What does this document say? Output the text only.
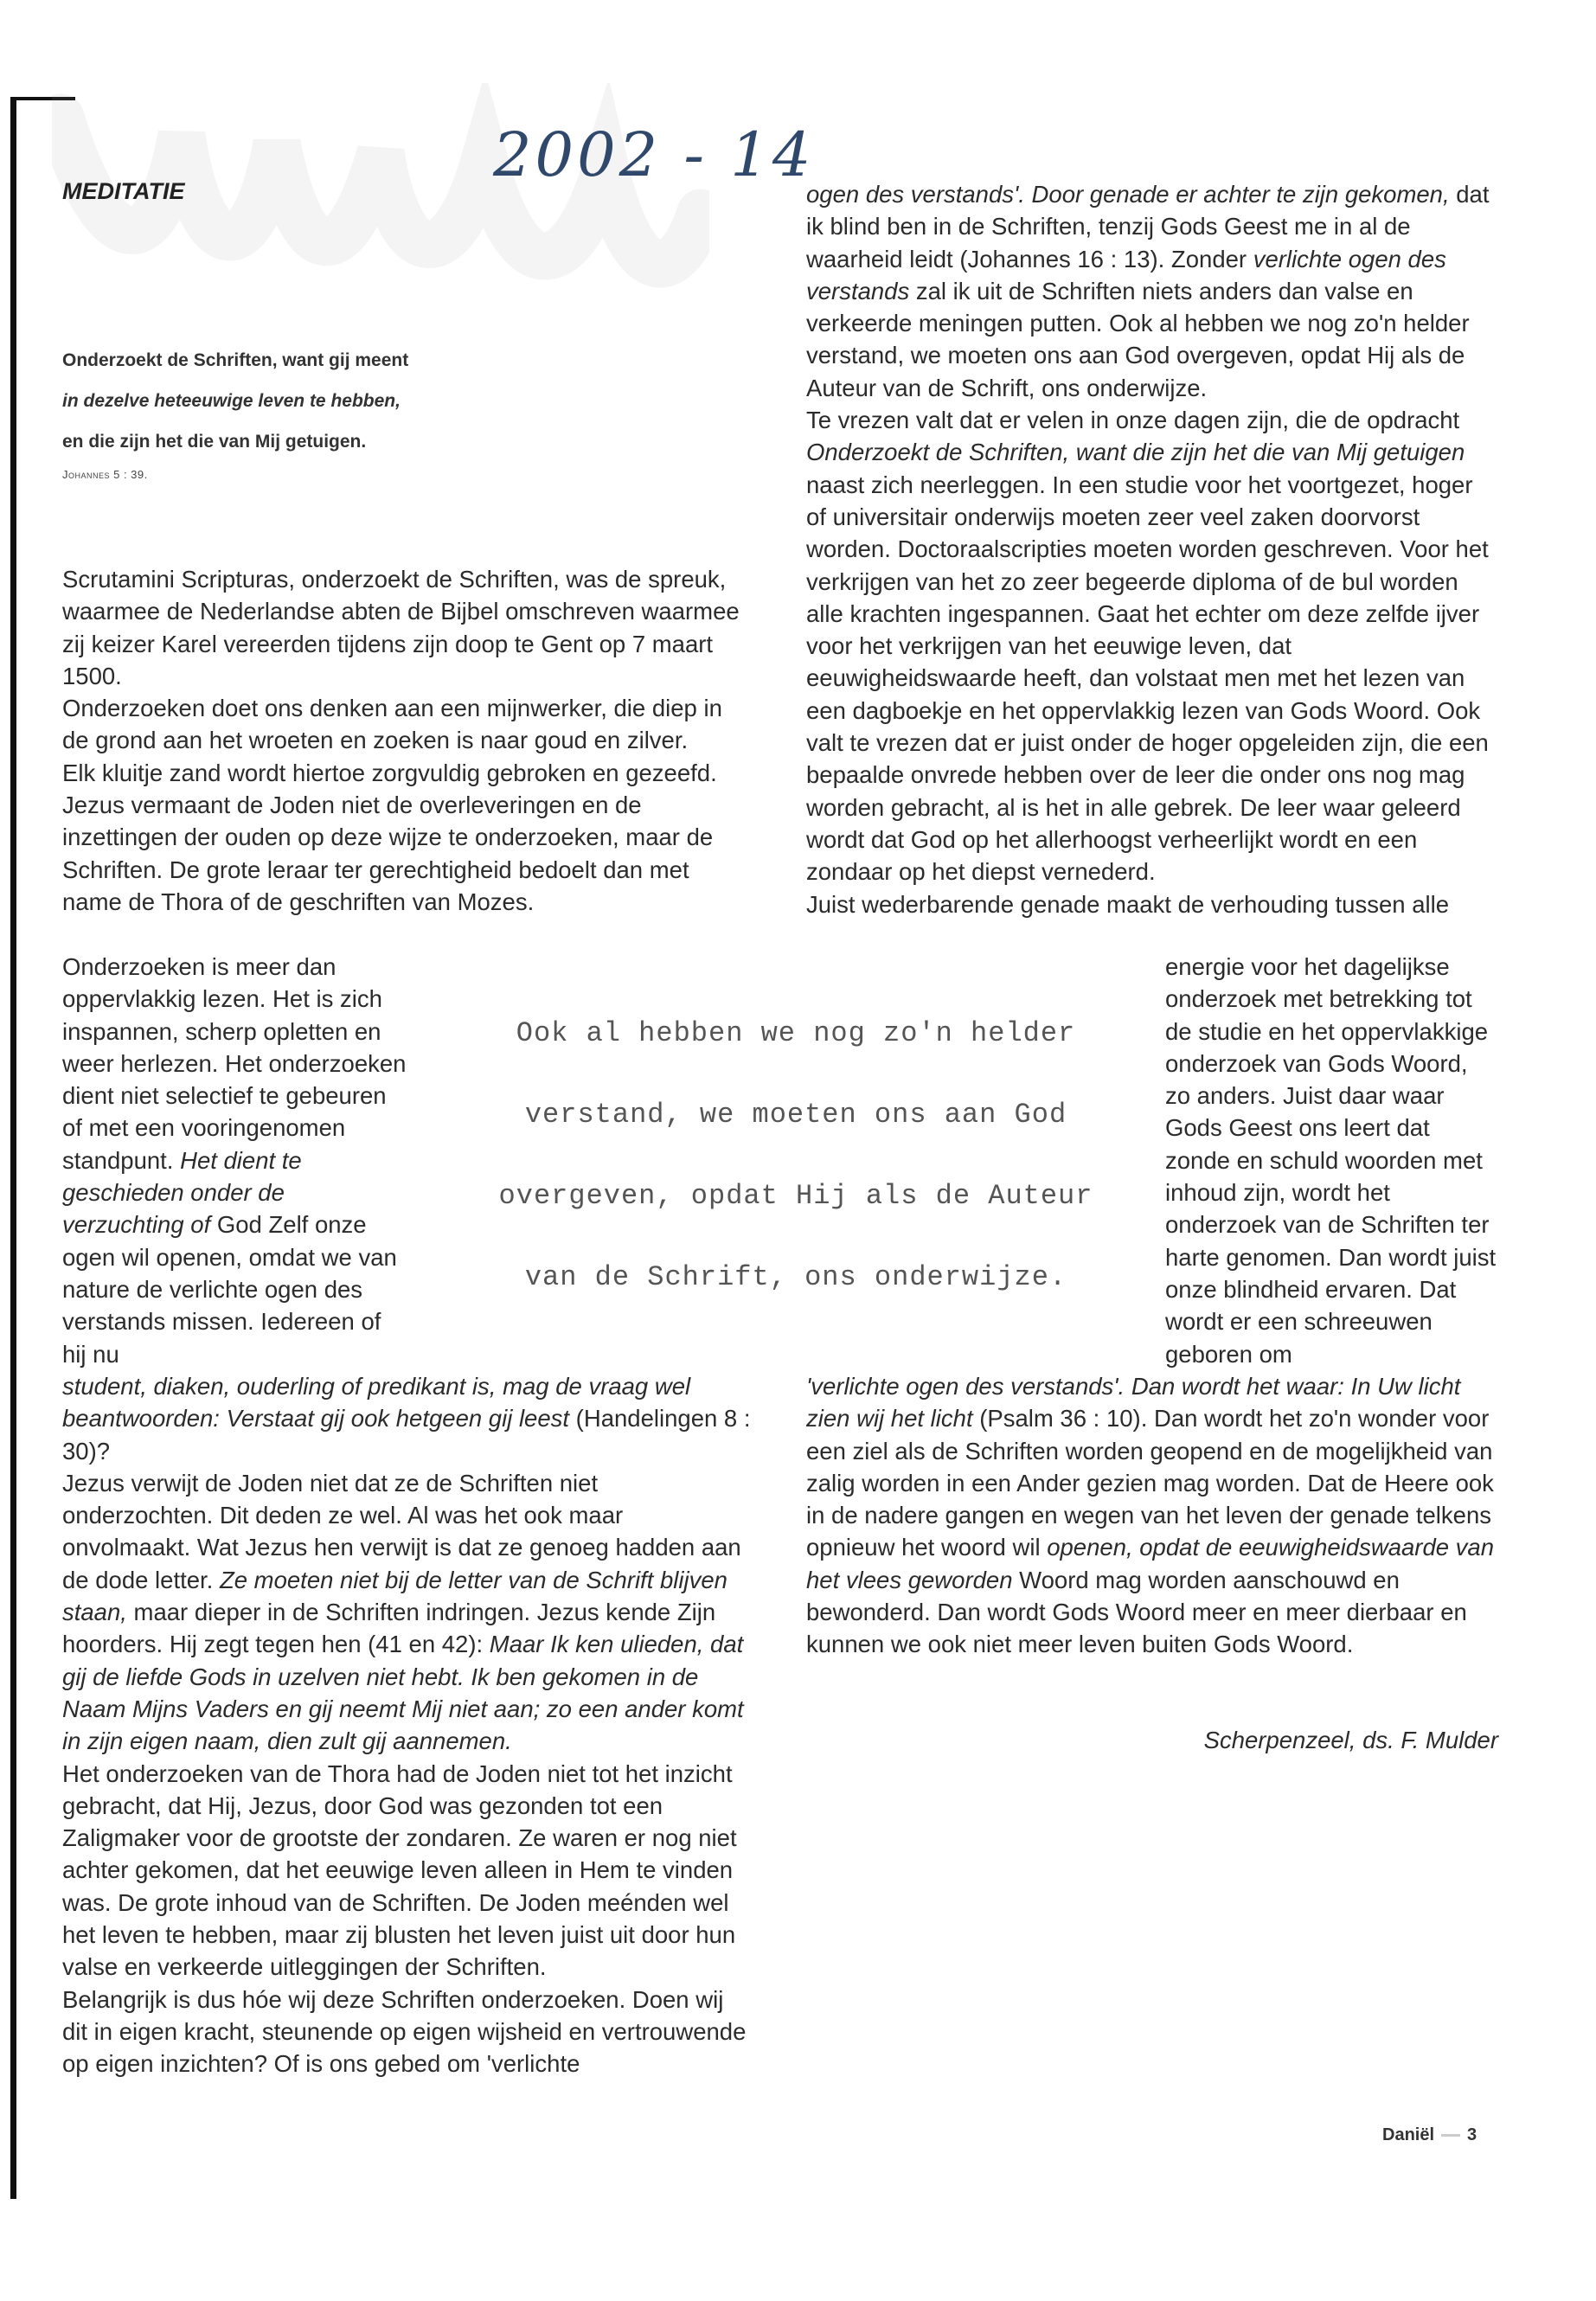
2002 - 14
MEDITATIE
Onderzoekt de Schriften, want gij meent
in dezelve heteeuwige leven te hebben,
en die zijn het die van Mij getuigen.
Johannes 5 : 39.

Scrutamini Scripturas, onderzoekt de Schriften, was de spreuk, waarmee de Nederlandse abten de Bijbel omschreven waarmee zij keizer Karel vereerden tijdens zijn doop te Gent op 7 maart 1500.

Onderzoeken doet ons denken aan een mijnwerker, die diep in de grond aan het wroeten en zoeken is naar goud en zilver.

Elk kluitje zand wordt hiertoe zorgvuldig gebroken en gezeefd. Jezus vermaant de Joden niet de overleveringen en de inzettingen der ouden op deze wijze te onderzoeken, maar de Schriften. De grote leraar ter gerechtigheid bedoelt dan met name de Thora of de geschriften van Mozes.

Onderzoeken is meer dan oppervlakkig lezen. Het is zich inspannen, scherp opletten en weer herlezen. Het onderzoeken dient niet selectief te gebeuren of met een vooringenomen standpunt. Het dient te geschieden onder de verzuchting of God Zelf onze ogen wil openen, omdat we van nature de verlichte ogen des verstands missen. Iedereen of hij nu
Ook al hebben we nog zo'n helder
verstand, we moeten ons aan God
overgeven, opdat Hij als de Auteur
van de Schrift, ons onderwijze.
energie voor het dagelijkse onderzoek met betrekking tot de studie en het oppervlakkige onderzoek van Gods Woord, zo anders. Juist daar waar Gods Geest ons leert dat zonde en schuld woorden met inhoud zijn, wordt het onderzoek van de Schriften ter harte genomen. Dan wordt juist onze blindheid ervaren. Dat wordt er een schreeuwen geboren om

student, diaken, ouderling of predikant is, mag de vraag wel beantwoorden: Verstaat gij ook hetgeen gij leest (Handelingen 8 : 30)?

Jezus verwijt de Joden niet dat ze de Schriften niet onderzochten. Dit deden ze wel. Al was het ook maar onvolmaakt. Wat Jezus hen verwijt is dat ze genoeg hadden aan de dode letter. Ze moeten niet bij de letter van de Schrift blijven staan, maar dieper in de Schriften indringen. Jezus kende Zijn hoorders. Hij zegt tegen hen (41 en 42): Maar Ik ken ulieden, dat gij de liefde Gods in uzelven niet hebt. Ik ben gekomen in de Naam Mijns Vaders en gij neemt Mij niet aan; zo een ander komt in zijn eigen naam, dien zult gij aannemen.

Het onderzoeken van de Thora had de Joden niet tot het inzicht gebracht, dat Hij, Jezus, door God was gezonden tot een Zaligmaker voor de grootste der zondaren. Ze waren er nog niet achter gekomen, dat het eeuwige leven alleen in Hem te vinden was. De grote inhoud van de Schriften. De Joden meénden wel het leven te hebben, maar zij blusten het leven juist uit door hun valse en verkeerde uitleggingen der Schriften.

Belangrijk is dus hóe wij deze Schriften onderzoeken. Doen wij dit in eigen kracht, steunende op eigen wijsheid en vertrouwende op eigen inzichten? Of is ons gebed om 'verlichte

ogen des verstands'. Door genade er achter te zijn gekomen, dat ik blind ben in de Schriften, tenzij Gods Geest me in al de waarheid leidt (Johannes 16 : 13). Zonder verlichte ogen des verstands zal ik uit de Schriften niets anders dan valse en verkeerde meningen putten. Ook al hebben we nog zo'n helder verstand, we moeten ons aan God overgeven, opdat Hij als de Auteur van de Schrift, ons onderwijze.

Te vrezen valt dat er velen in onze dagen zijn, die de opdracht Onderzoekt de Schriften, want die zijn het die van Mij getuigen naast zich neerleggen. In een studie voor het voortgezet, hoger of universitair onderwijs moeten zeer veel zaken doorvorst worden. Doctoraalscripties moeten worden geschreven. Voor het verkrijgen van het zo zeer begeerde diploma of de bul worden alle krachten ingespannen. Gaat het echter om deze zelfde ijver voor het verkrijgen van het eeuwige leven, dat eeuwigheidswaarde heeft, dan volstaat men met het lezen van een dagboekje en het oppervlakkig lezen van Gods Woord. Ook valt te vrezen dat er juist onder de hoger opgeleiden zijn, die een bepaalde onvrede hebben over de leer die onder ons nog mag worden gebracht, al is het in alle gebrek. De leer waar geleerd wordt dat God op het allerhoogst verheerlijkt wordt en een zondaar op het diepst vernederd.

Juist wederbarende genade maakt de verhouding tussen alle

'verlichte ogen des verstands'. Dan wordt het waar: In Uw licht zien wij het licht (Psalm 36 : 10). Dan wordt het zo'n wonder voor een ziel als de Schriften worden geopend en de mogelijkheid van zalig worden in een Ander gezien mag worden. Dat de Heere ook in de nadere gangen en wegen van het leven der genade telkens opnieuw het woord wil openen, opdat de eeuwigheidswaarde van het vlees geworden Woord mag worden aanschouwd en bewonderd. Dan wordt Gods Woord meer en meer dierbaar en kunnen we ook niet meer leven buiten Gods Woord.

Scherpenzeel, ds. F. Mulder
Daniël 3
